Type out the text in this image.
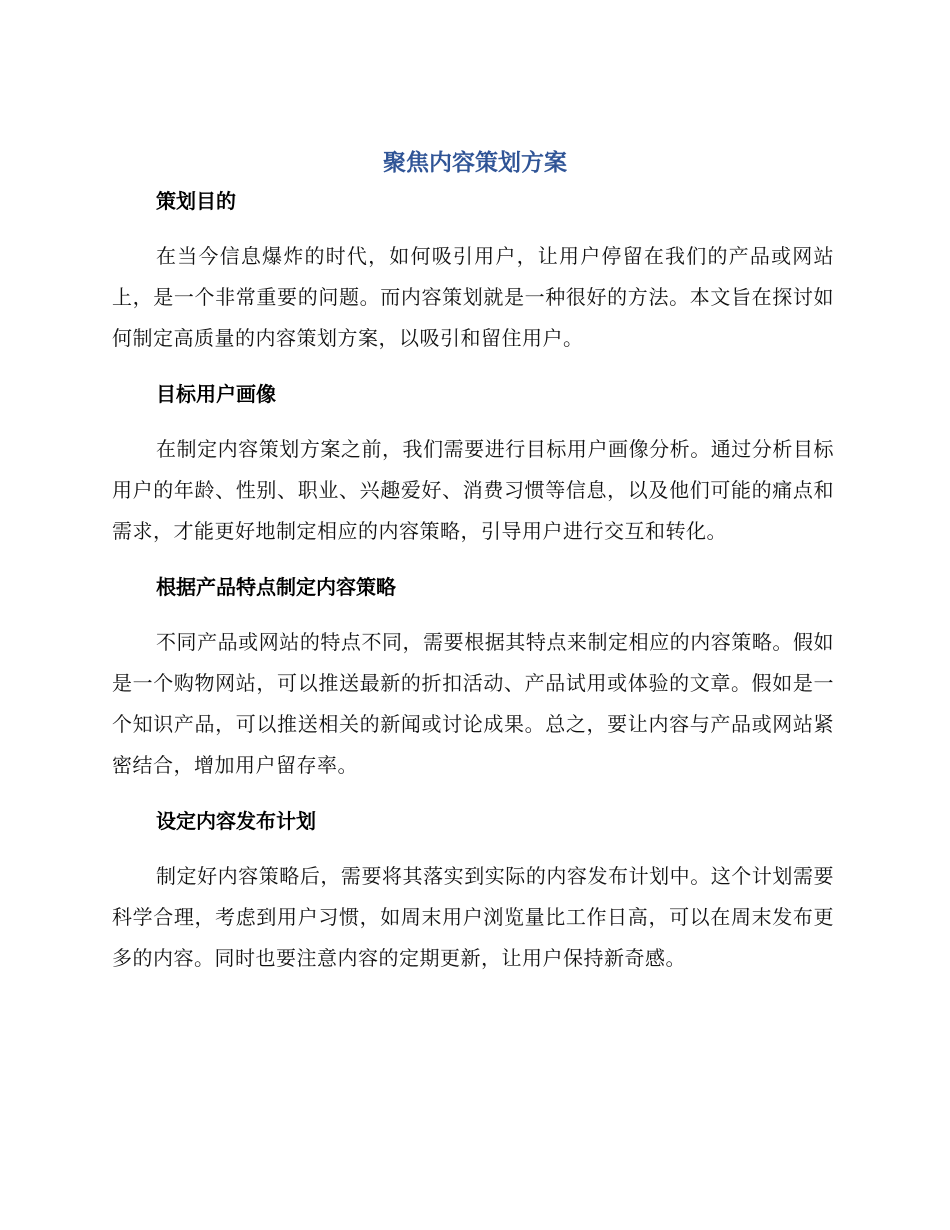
聚焦内容策划方案
策划目的

在当今信息爆炸的时代，如何吸引用户，让用户停留在我们的产品或网站上，是一个非常重要的问题。而内容策划就是一种很好的方法。本文旨在探讨如何制定高质量的内容策划方案，以吸引和留住用户。

目标用户画像

在制定内容策划方案之前，我们需要进行目标用户画像分析。通过分析目标用户的年龄、性别、职业、兴趣爱好、消费习惯等信息，以及他们可能的痛点和需求，才能更好地制定相应的内容策略，引导用户进行交互和转化。

根据产品特点制定内容策略

不同产品或网站的特点不同，需要根据其特点来制定相应的内容策略。假如是一个购物网站，可以推送最新的折扣活动、产品试用或体验的文章。假如是一个知识产品，可以推送相关的新闻或讨论成果。总之，要让内容与产品或网站紧密结合，增加用户留存率。

设定内容发布计划

制定好内容策略后，需要将其落实到实际的内容发布计划中。这个计划需要科学合理，考虑到用户习惯，如周末用户浏览量比工作日高，可以在周末发布更多的内容。同时也要注意内容的定期更新，让用户保持新奇感。
